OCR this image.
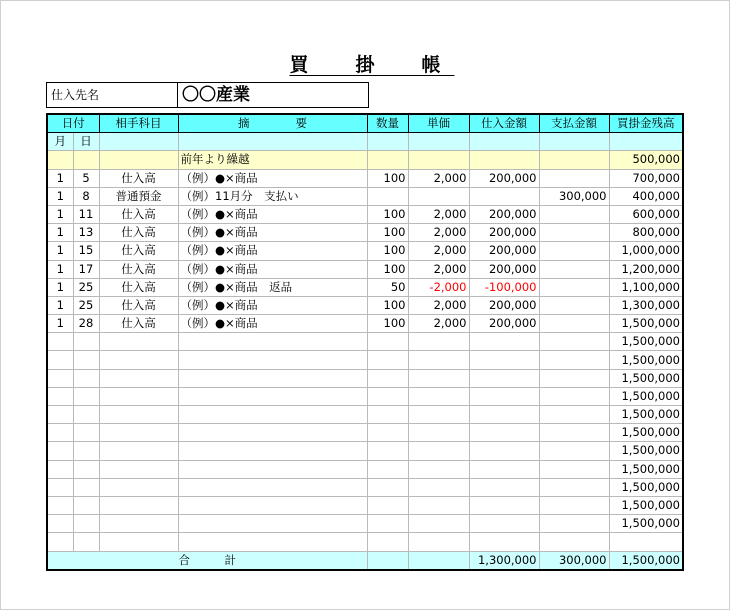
買　掛　帳
仕入先名	〇〇産業
日付		相手科目	摘　　　　要	数量	単価	仕入金額	支払金額	買掛金残高
月	日							
			前年より繰越					500,000
1	5	仕入高	（例）●×商品	100	2,000	200,000		700,000
1	8	普通預金	（例）11月分　支払い				300,000	400,000
1	11	仕入高	（例）●×商品	100	2,000	200,000		600,000
1	13	仕入高	（例）●×商品	100	2,000	200,000		800,000
1	15	仕入高	（例）●×商品	100	2,000	200,000		1,000,000
1	17	仕入高	（例）●×商品	100	2,000	200,000		1,200,000
1	25	仕入高	（例）●×商品　返品	50	-2,000	-100,000		1,100,000
1	25	仕入高	（例）●×商品	100	2,000	200,000		1,300,000
1	28	仕入高	（例）●×商品	100	2,000	200,000		1,500,000
								1,500,000
								1,500,000
								1,500,000
								1,500,000
								1,500,000
								1,500,000
								1,500,000
								1,500,000
								1,500,000
								1,500,000
								1,500,000

合　　　計						1,300,000	300,000	1,500,000
